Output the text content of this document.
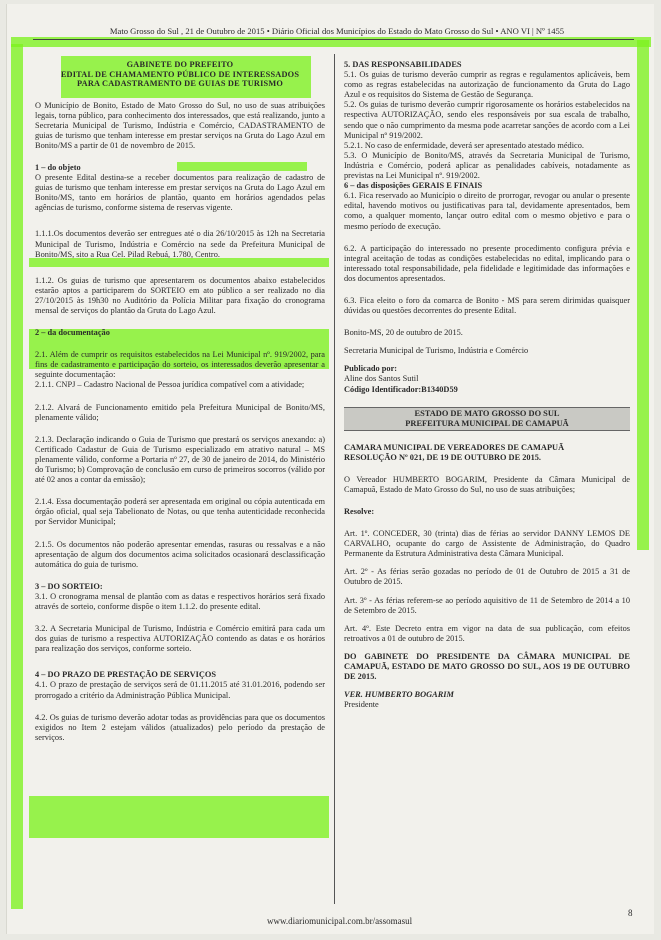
Mato Grosso do Sul , 21 de Outubro de 2015 • Diário Oficial dos Municípios do Estado do Mato Grosso do Sul • ANO VI | Nº 1455
GABINETE DO PREFEITO
EDITAL DE CHAMAMENTO PÚBLICO DE INTERESSADOS
PARA CADASTRAMENTO DE GUIAS DE TURISMO

O Município de Bonito, Estado de Mato Grosso do Sul, no uso de suas atribuições legais, torna público, para conhecimento dos interessados, que está realizando, junto a Secretaria Municipal de Turismo, Indústria e Comércio, CADASTRAMENTO de guias de turismo que tenham interesse em prestar serviços na Gruta do Lago Azul em Bonito/MS a partir de 01 de novembro de 2015.

1 – do objeto

O presente Edital destina-se a receber documentos para realização de cadastro de guias de turismo que tenham interesse em prestar serviços na Gruta do Lago Azul em Bonito/MS, tanto em horários de plantão, quanto em horários agendados pelas agências de turismo, conforme sistema de reservas vigente.

1.1.1.Os documentos deverão ser entregues até o dia 26/10/2015 às 12h na Secretaria Municipal de Turismo, Indústria e Comércio na sede da Prefeitura Municipal de Bonito/MS, sito a Rua Cel. Pilad Rebuá, 1.780, Centro.

1.1.2. Os guias de turismo que apresentarem os documentos abaixo estabelecidos estarão aptos a participarem do SORTEIO em ato público a ser realizado no dia 27/10/2015 às 19h30 no Auditório da Polícia Militar para fixação do cronograma mensal de serviços do plantão da Gruta do Lago Azul.

2 – da documentação

2.1. Além de cumprir os requisitos estabelecidos na Lei Municipal nº. 919/2002, para fins de cadastramento e participação do sorteio, os interessados deverão apresentar a seguinte documentação:

2.1.1. CNPJ – Cadastro Nacional de Pessoa jurídica compatível com a atividade;

2.1.2. Alvará de Funcionamento emitido pela Prefeitura Municipal de Bonito/MS, plenamente válido;

2.1.3. Declaração indicando o Guia de Turismo que prestará os serviços anexando: a) Certificado Cadastur de Guia de Turismo especializado em atrativo natural – MS plenamente válido, conforme a Portaria nº 27, de 30 de janeiro de 2014, do Ministério do Turismo; b) Comprovação de conclusão em curso de primeiros socorros (válido por até 02 anos a contar da emissão);

2.1.4. Essa documentação poderá ser apresentada em original ou cópia autenticada em órgão oficial, qual seja Tabelionato de Notas, ou que tenha autenticidade reconhecida por Servidor Municipal;

2.1.5. Os documentos não poderão apresentar emendas, rasuras ou ressalvas e a não apresentação de algum dos documentos acima solicitados ocasionará desclassificação automática do guia de turismo.

3 – DO SORTEIO:

3.1. O cronograma mensal de plantão com as datas e respectivos horários será fixado através de sorteio, conforme dispõe o item 1.1.2. do presente edital.

3.2. A Secretaria Municipal de Turismo, Indústria e Comércio emitirá para cada um dos guias de turismo a respectiva AUTORIZAÇÃO contendo as datas e os horários para realização dos serviços, conforme sorteio.

4 – DO PRAZO DE PRESTAÇÃO DE SERVIÇOS

4.1. O prazo de prestação de serviços será de 01.11.2015 até 31.01.2016, podendo ser prorrogado a critério da Administração Pública Municipal.

4.2. Os guias de turismo deverão adotar todas as providências para que os documentos exigidos no Item 2 estejam válidos (atualizados) pelo período da prestação de serviços.

5. DAS RESPONSABILIDADES

5.1. Os guias de turismo deverão cumprir as regras e regulamentos aplicáveis, bem como as regras estabelecidas na autorização de funcionamento da Gruta do Lago Azul e os requisitos do Sistema de Gestão de Segurança.

5.2. Os guias de turismo deverão cumprir rigorosamente os horários estabelecidos na respectiva AUTORIZAÇÃO, sendo eles responsáveis por sua escala de trabalho, sendo que o não cumprimento da mesma pode acarretar sanções de acordo com a Lei Municipal nº 919/2002.

5.2.1. No caso de enfermidade, deverá ser apresentado atestado médico.

5.3. O Município de Bonito/MS, através da Secretaria Municipal de Turismo, Indústria e Comércio, poderá aplicar as penalidades cabíveis, notadamente as previstas na Lei Municipal nº. 919/2002.

6 – das disposições GERAIS E FINAIS

6.1. Fica reservado ao Município o direito de prorrogar, revogar ou anular o presente edital, havendo motivos ou justificativas para tal, devidamente apresentados, bem como, a qualquer momento, lançar outro edital com o mesmo objetivo e para o mesmo período de execução.

6.2. A participação do interessado no presente procedimento configura prévia e integral aceitação de todas as condições estabelecidas no edital, implicando para o interessado total responsabilidade, pela fidelidade e legitimidade das informações e dos documentos apresentados.

6.3. Fica eleito o foro da comarca de Bonito - MS para serem dirimidas quaisquer dúvidas ou questões decorrentes do presente Edital.

Bonito-MS, 20 de outubro de 2015.

Secretaria Municipal de Turismo, Indústria e Comércio

Publicado por:

Aline dos Santos Sutil

Código Identificador:B1340D59

ESTADO DE MATO GROSSO DO SUL
PREFEITURA MUNICIPAL DE CAMAPUÃ

CAMARA MUNICIPAL DE VEREADORES DE CAMAPUÃ

RESOLUÇÃO Nº 021, DE 19 DE OUTUBRO DE 2015.

O Vereador HUMBERTO BOGARIM, Presidente da Câmara Municipal de Camapuã, Estado de Mato Grosso do Sul, no uso de suas atribuições;

Resolve:

Art. 1º. CONCEDER, 30 (trinta) dias de férias ao servidor DANNY LEMOS DE CARVALHO, ocupante do cargo de Assistente de Administração, do Quadro Permanente da Estrutura Administrativa desta Câmara Municipal.

Art. 2º - As férias serão gozadas no período de 01 de Outubro de 2015 a 31 de Outubro de 2015.

Art. 3º - As férias referem-se ao período aquisitivo de 11 de Setembro de 2014 a 10 de Setembro de 2015.

Art. 4º. Este Decreto entra em vigor na data de sua publicação, com efeitos retroativos a 01 de outubro de 2015.

DO GABINETE DO PRESIDENTE DA CÂMARA MUNICIPAL DE CAMAPUÃ, ESTADO DE MATO GROSSO DO SUL, AOS 19 DE OUTUBRO DE 2015.

VER. HUMBERTO BOGARIM

Presidente

www.diariomunicipal.com.br/assomasul
8
